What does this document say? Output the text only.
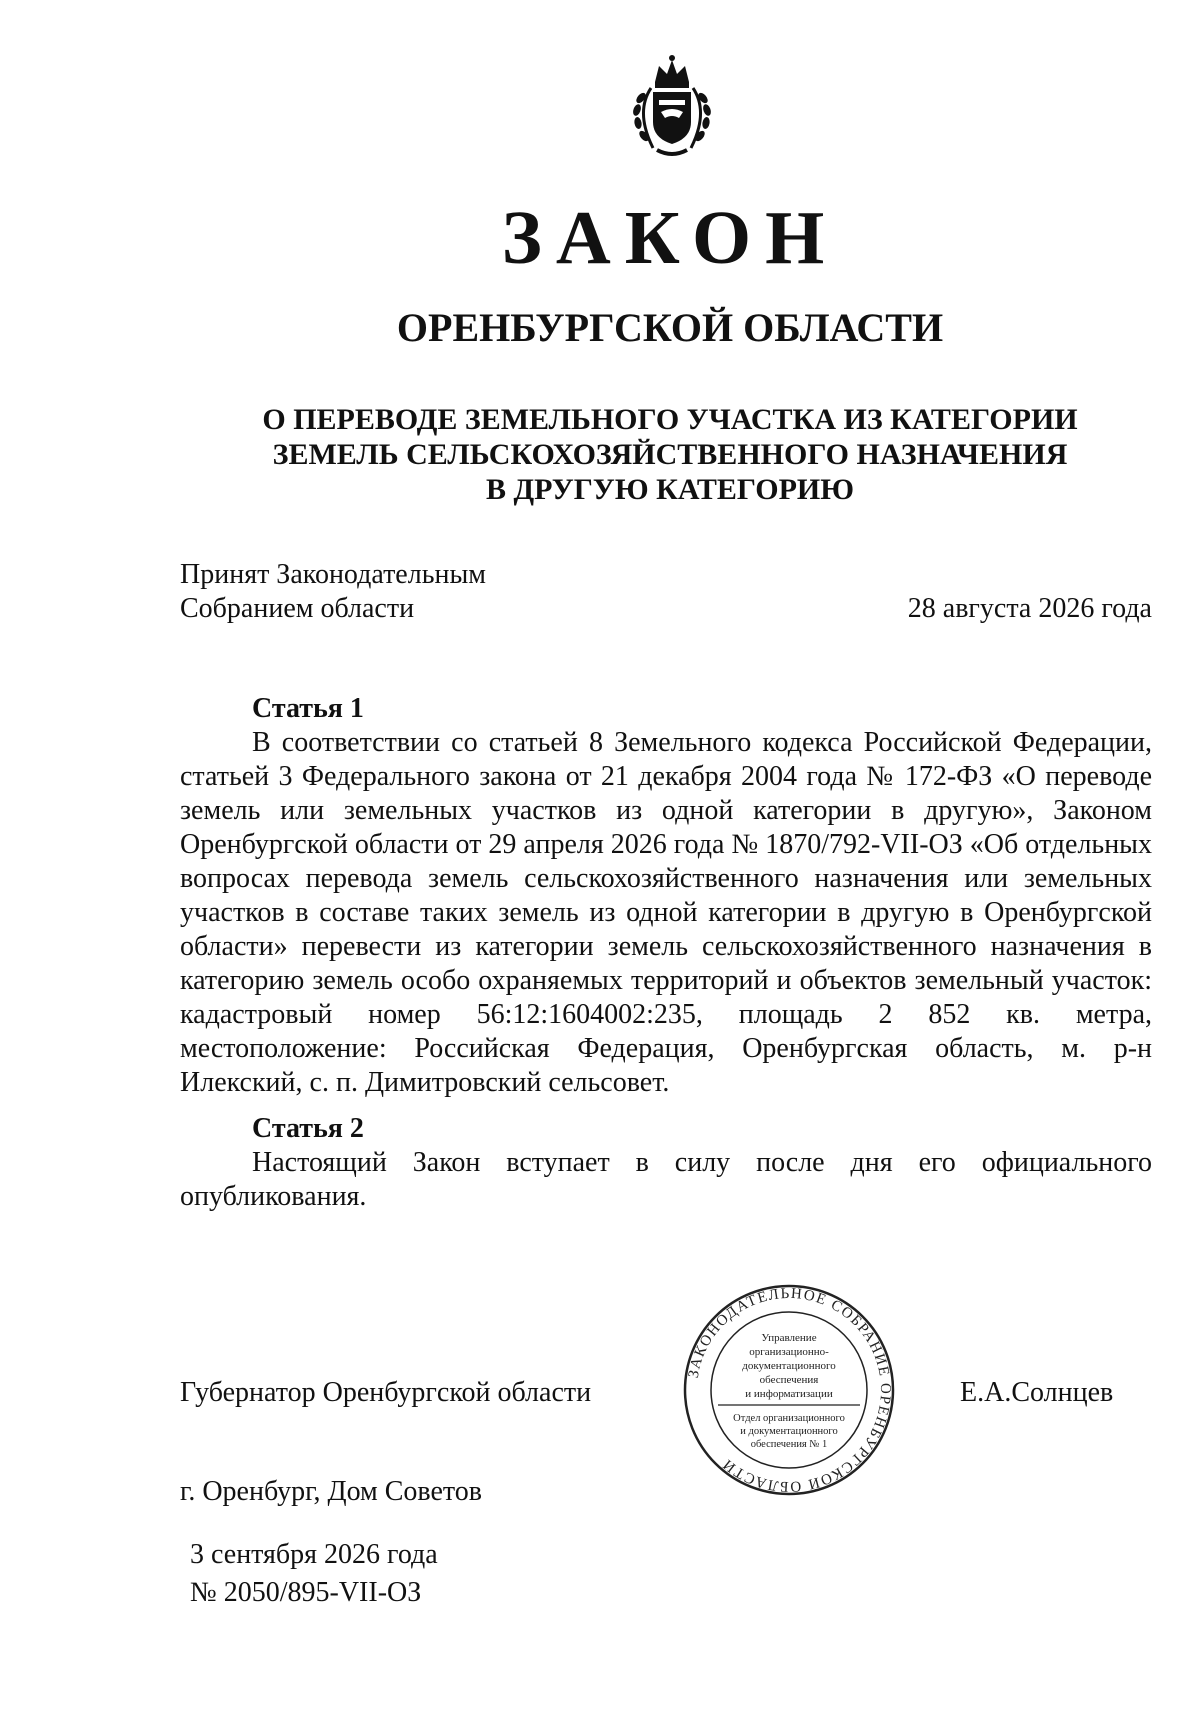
ЗАКОН
ОРЕНБУРГСКОЙ ОБЛАСТИ
О ПЕРЕВОДЕ ЗЕМЕЛЬНОГО УЧАСТКА ИЗ КАТЕГОРИИ
ЗЕМЕЛЬ СЕЛЬСКОХОЗЯЙСТВЕННОГО НАЗНАЧЕНИЯ
В ДРУГУЮ КАТЕГОРИЮ
Принят Законодательным
Собранием области	28 августа 2026 года
Статья 1
В соответствии со статьей 8 Земельного кодекса Российской Федерации, статьей 3 Федерального закона от 21 декабря 2004 года № 172-ФЗ «О переводе земель или земельных участков из одной категории в другую», Законом Оренбургской области от 29 апреля 2026 года № 1870/792-VII-ОЗ «Об отдельных вопросах перевода земель сельскохозяйственного назначения или земельных участков в составе таких земель из одной категории в другую в Оренбургской области» перевести из категории земель сельскохозяйственного назначения в категорию земель особо охраняемых территорий и объектов земельный участок: кадастровый номер 56:12:1604002:235, площадь 2 852 кв. метра, местоположение: Российская Федерация, Оренбургская область, м. р-н Илекский, с. п. Димитровский сельсовет.
Статья 2
Настоящий Закон вступает в силу после дня его официального опубликования.
Губернатор Оренбургской области	Е.А.Солнцев
ЗАКОНОДАТЕЛЬНОЕ СОБРАНИЕ ОРЕНБУРГСКОЙ ОБЛАСТИ
Управление
организационно-
документационного
обеспечения
и информатизации
Отдел организационного
и документационного
обеспечения № 1
г. Оренбург, Дом Советов
3 сентября 2026 года
№ 2050/895-VII-ОЗ
